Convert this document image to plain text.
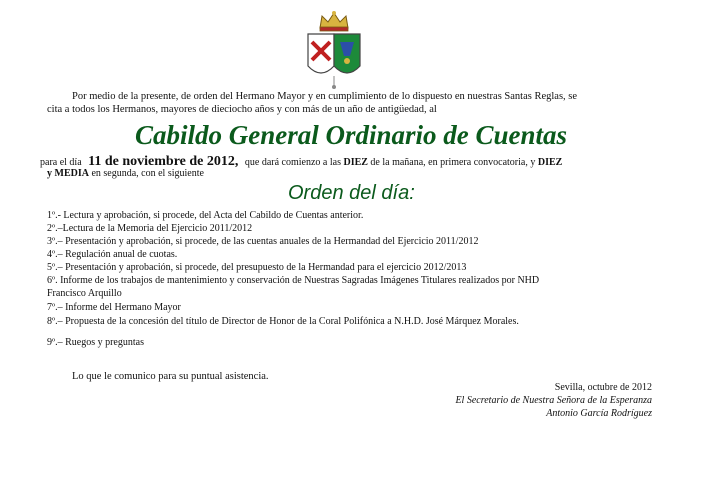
Por medio de la presente, de orden del Hermano Mayor y en cumplimiento de lo dispuesto en nuestras Santas Reglas, se
cita a todos los Hermanos, mayores de dieciocho años y con más de un año de antigüedad, al
Cabildo General Ordinario de Cuentas
para el día 11 de noviembre de 2012, que dará comienzo a las DIEZ de la mañana, en primera convocatoria, y DIEZ
y MEDIA en segunda, con el siguiente
Orden del día:
1º.- Lectura y aprobación, si procede, del Acta del Cabildo de Cuentas anterior.
2º.–Lectura de la Memoria del Ejercicio 2011/2012
3º.– Presentación y aprobación, si procede, de las cuentas anuales de la Hermandad del Ejercicio 2011/2012
4º.– Regulación anual de cuotas.
5º.– Presentación y aprobación, si procede, del presupuesto de la Hermandad para el ejercicio 2012/2013
6º. Informe de los trabajos de mantenimiento y conservación de Nuestras Sagradas Imágenes Titulares realizados por NHD
Francisco Arquillo
7º.– Informe del Hermano Mayor
8º.– Propuesta de la concesión del título de Director de Honor de la Coral Polifónica a N.H.D. José Márquez Morales.
9º.– Ruegos y preguntas
Lo que le comunico para su puntual asistencia.
Sevilla, octubre de 2012
El Secretario de Nuestra Señora de la Esperanza
Antonio García Rodríguez
